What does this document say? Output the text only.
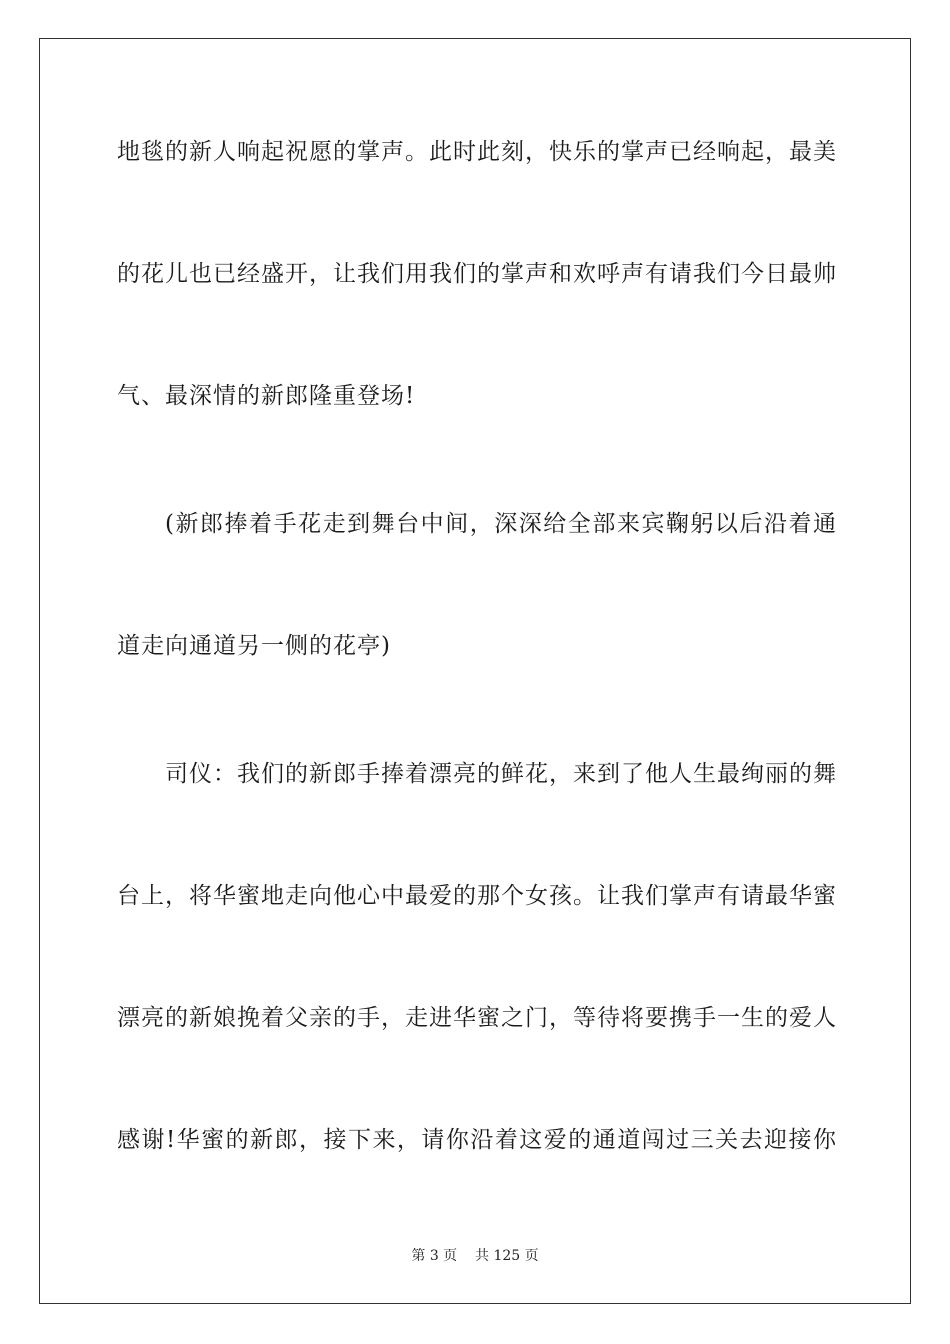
地毯的新人响起祝愿的掌声。此时此刻，快乐的掌声已经响起，最美
的花儿也已经盛开，让我们用我们的掌声和欢呼声有请我们今日最帅
气、最深情的新郎隆重登场!
(新郎捧着手花走到舞台中间，深深给全部来宾鞠躬以后沿着通
道走向通道另一侧的花亭)
司仪：我们的新郎手捧着漂亮的鲜花，来到了他人生最绚丽的舞
台上，将华蜜地走向他心中最爱的那个女孩。让我们掌声有请最华蜜
漂亮的新娘挽着父亲的手，走进华蜜之门，等待将要携手一生的爱人
感谢!华蜜的新郎，接下来，请你沿着这爱的通道闯过三关去迎接你
第 3 页 共 125 页
